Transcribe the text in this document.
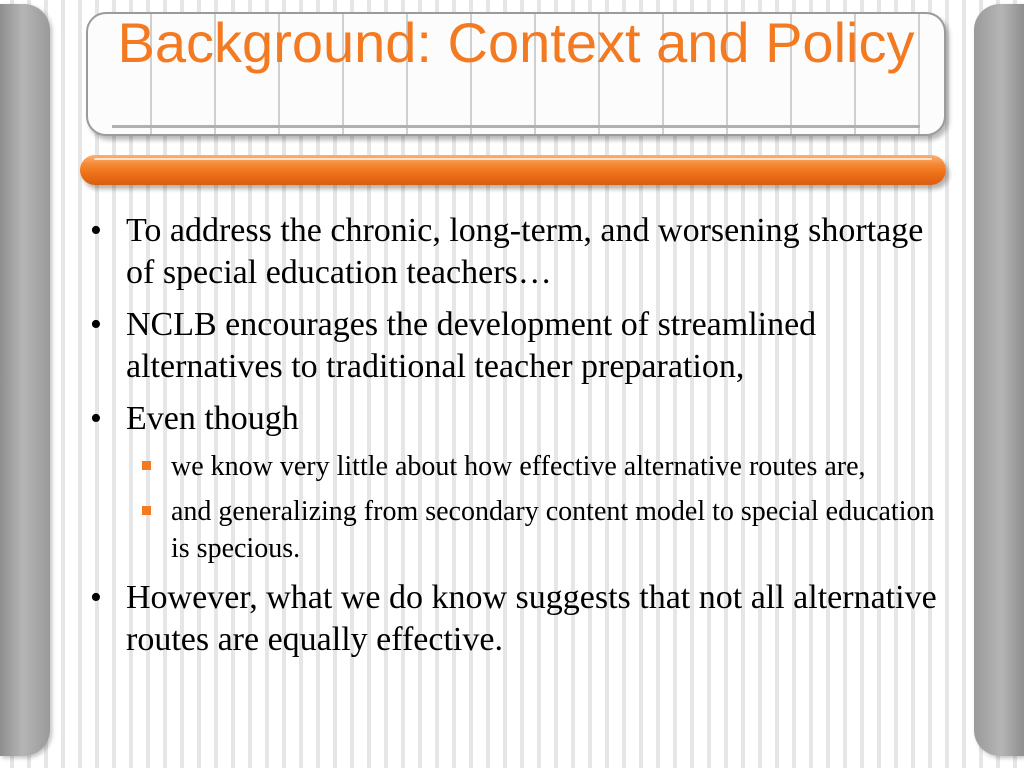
Background: Context and Policy
• To address the chronic, long-term, and worsening shortage of special education teachers…
• NCLB encourages the development of streamlined alternatives to traditional teacher preparation,
• Even though
we know very little about how effective alternative routes are,
and generalizing from secondary content model to special education is specious.
• However, what we do know suggests that not all alternative routes are equally effective.
